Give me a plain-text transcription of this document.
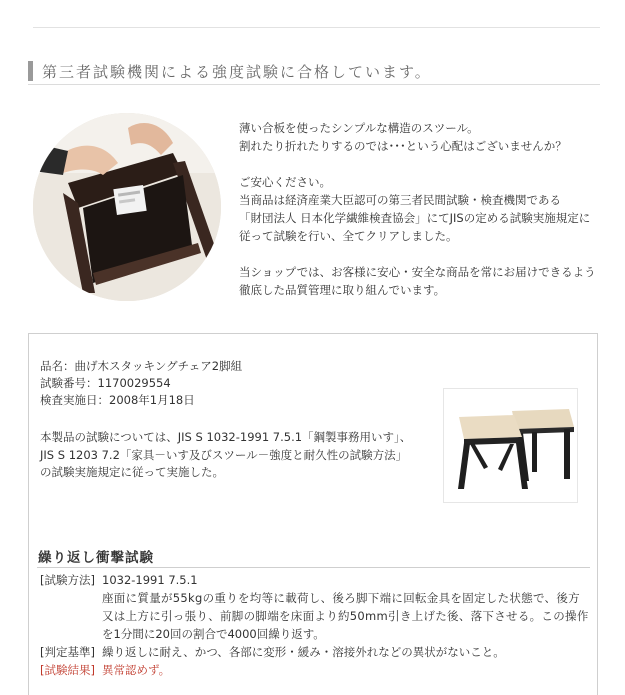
第三者試験機関による強度試験に合格しています。

薄い合板を使ったシンプルな構造のスツール。

割れたり折れたりするのでは･･･という心配はございませんか？

ご安心ください。

当商品は経済産業大臣認可の第三者民間試験・検査機関である

「財団法人 日本化学繊維検査協会」にてJISの定める試験実施規定に

従って試験を行い、全てクリアしました。

当ショップでは、お客様に安心・安全な商品を常にお届けできるよう

徹底した品質管理に取り組んでいます。

品名：曲げ木スタッキングチェア2脚組

試験番号：1170029554

検査実施日：2008年1月18日

本製品の試験については、JIS S 1032-1991 7.5.1「鋼製事務用いす」、

JIS S 1203 7.2「家具－いす及びスツール－強度と耐久性の試験方法」

の試験実施規定に従って実施した。

繰り返し衝撃試験
[試験方法] 1032-1991 7.5.1
座面に質量が55kgの重りを均等に載荷し、後ろ脚下端に回転金具を固定した状態で、後方
又は上方に引っ張り、前脚の脚端を床面より約50mm引き上げた後、落下させる。この操作
を1分間に20回の割合で4000回繰り返す。
[判定基準] 繰り返しに耐え、かつ、各部に変形・緩み・溶接外れなどの異状がないこと。
[試験結果] 異常認めず。
